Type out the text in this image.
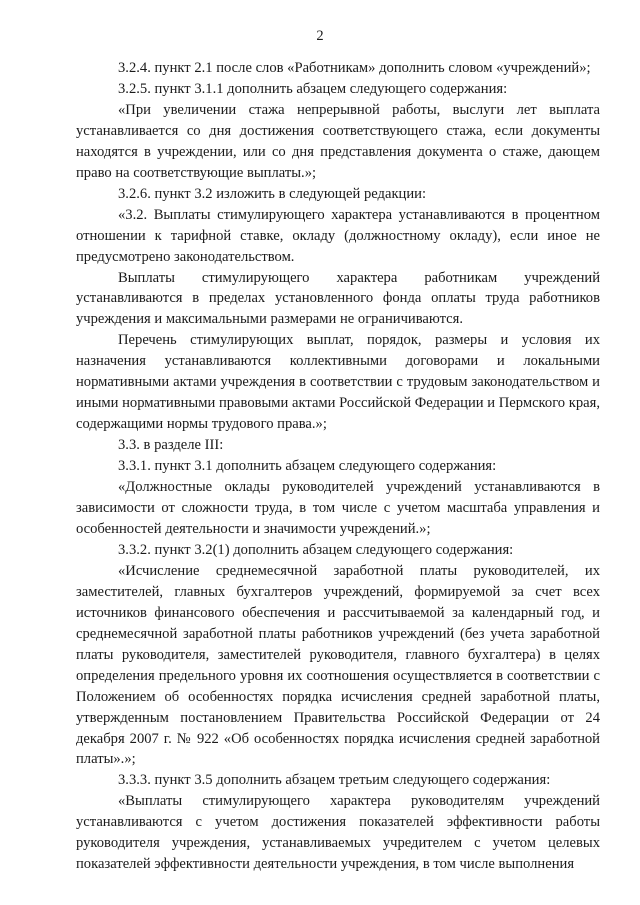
2

3.2.4. пункт 2.1 после слов «Работникам» дополнить словом «учреждений»;

3.2.5. пункт 3.1.1 дополнить абзацем следующего содержания:

«При увеличении стажа непрерывной работы, выслуги лет выплата устанавливается со дня достижения соответствующего стажа, если документы находятся в учреждении, или со дня представления документа о стаже, дающем право на соответствующие выплаты.»;

3.2.6. пункт 3.2 изложить в следующей редакции:

«3.2. Выплаты стимулирующего характера устанавливаются в процентном отношении к тарифной ставке, окладу (должностному окладу), если иное не предусмотрено законодательством.

Выплаты стимулирующего характера работникам учреждений устанавливаются в пределах установленного фонда оплаты труда работников учреждения и максимальными размерами не ограничиваются.

Перечень стимулирующих выплат, порядок, размеры и условия их назначения устанавливаются коллективными договорами и локальными нормативными актами учреждения в соответствии с трудовым законодательством и иными нормативными правовыми актами Российской Федерации и Пермского края, содержащими нормы трудового права.»;

3.3. в разделе III:

3.3.1. пункт 3.1 дополнить абзацем следующего содержания:

«Должностные оклады руководителей учреждений устанавливаются в зависимости от сложности труда, в том числе с учетом масштаба управления и особенностей деятельности и значимости учреждений.»;

3.3.2. пункт 3.2(1) дополнить абзацем следующего содержания:

«Исчисление среднемесячной заработной платы руководителей, их заместителей, главных бухгалтеров учреждений, формируемой за счет всех источников финансового обеспечения и рассчитываемой за календарный год, и среднемесячной заработной платы работников учреждений (без учета заработной платы руководителя, заместителей руководителя, главного бухгалтера) в целях определения предельного уровня их соотношения осуществляется в соответствии с Положением об особенностях порядка исчисления средней заработной платы, утвержденным постановлением Правительства Российской Федерации от 24 декабря 2007 г. № 922 «Об особенностях порядка исчисления средней заработной платы».»;

3.3.3. пункт 3.5 дополнить абзацем третьим следующего содержания:

«Выплаты стимулирующего характера руководителям учреждений устанавливаются с учетом достижения показателей эффективности работы руководителя учреждения, устанавливаемых учредителем с учетом целевых показателей эффективности деятельности учреждения, в том числе выполнения
